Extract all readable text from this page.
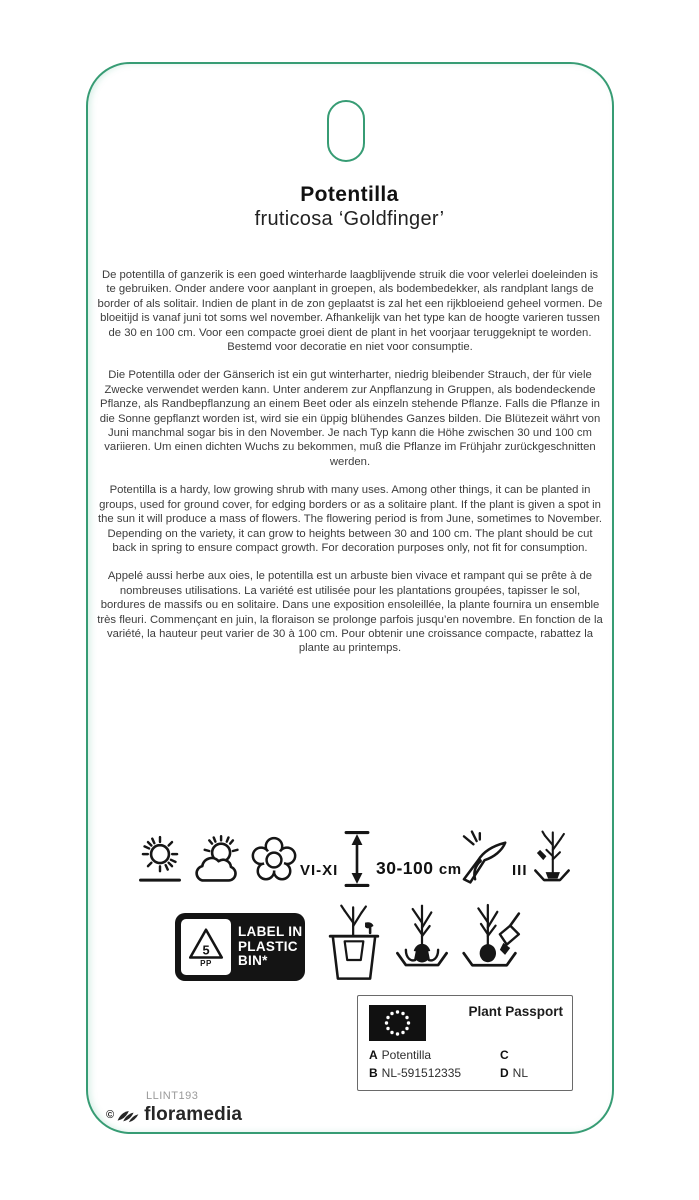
Potentilla
fruticosa ‘Goldfinger’

De potentilla of ganzerik is een goed winterharde laagblijvende struik die voor velerlei doeleinden is te gebruiken. Onder andere voor aanplant in groepen, als bodembedekker, als randplant langs de border of als solitair. Indien de plant in de zon geplaatst is zal het een rijkbloeiend geheel vormen. De bloeitijd is vanaf juni tot soms wel november. Afhankelijk van het type kan de hoogte varieren tussen de 30 en 100 cm. Voor een compacte groei dient de plant in het voorjaar teruggeknipt te worden. Bestemd voor decoratie en niet voor consumptie.

Die Potentilla oder der Gänserich ist ein gut winterharter, niedrig bleibender Strauch, der für viele Zwecke verwendet werden kann. Unter anderem zur Anpflanzung in Gruppen, als bodendeckende Pflanze, als Randbepflanzung an einem Beet oder als einzeln stehende Pflanze. Falls die Pflanze in die Sonne gepflanzt worden ist, wird sie ein üppig blühendes Ganzes bilden. Die Blütezeit währt von Juni manchmal sogar bis in den November. Je nach Typ kann die Höhe zwischen 30 und 100 cm variieren. Um einen dichten Wuchs zu bekommen, muß die Pflanze im Frühjahr zurückgeschnitten werden.

Potentilla is a hardy, low growing shrub with many uses. Among other things, it can be planted in groups, used for ground cover, for edging borders or as a solitaire plant. If the plant is given a spot in the sun it will produce a mass of flowers. The flowering period is from June, sometimes to November. Depending on the variety, it can grow to heights between 30 and 100 cm. The plant should be cut back in spring to ensure compact growth. For decoration purposes only, not fit for consumption.

Appelé aussi herbe aux oies, le potentilla est un arbuste bien vivace et rampant qui se prête à de nombreuses utilisations. La variété est utilisée pour les plantations groupées, tapisser le sol, bordures de massifs ou en solitaire. Dans une exposition ensoleillée, la plante fournira un ensemble très fleuri. Commençant en juin, la floraison se prolonge parfois jusqu’en novembre. En fonction de la variété, la hauteur peut varier de 30 à 100 cm. Pour obtenir une croissance compacte, rabattez la plante au printemps.

VI-XI 30-100 cm	III
5
PP
LABEL IN
PLASTIC
BIN*
Plant Passport
A Potentilla
B NL-591512335
C
D NL
LLINT193
© floramedia
